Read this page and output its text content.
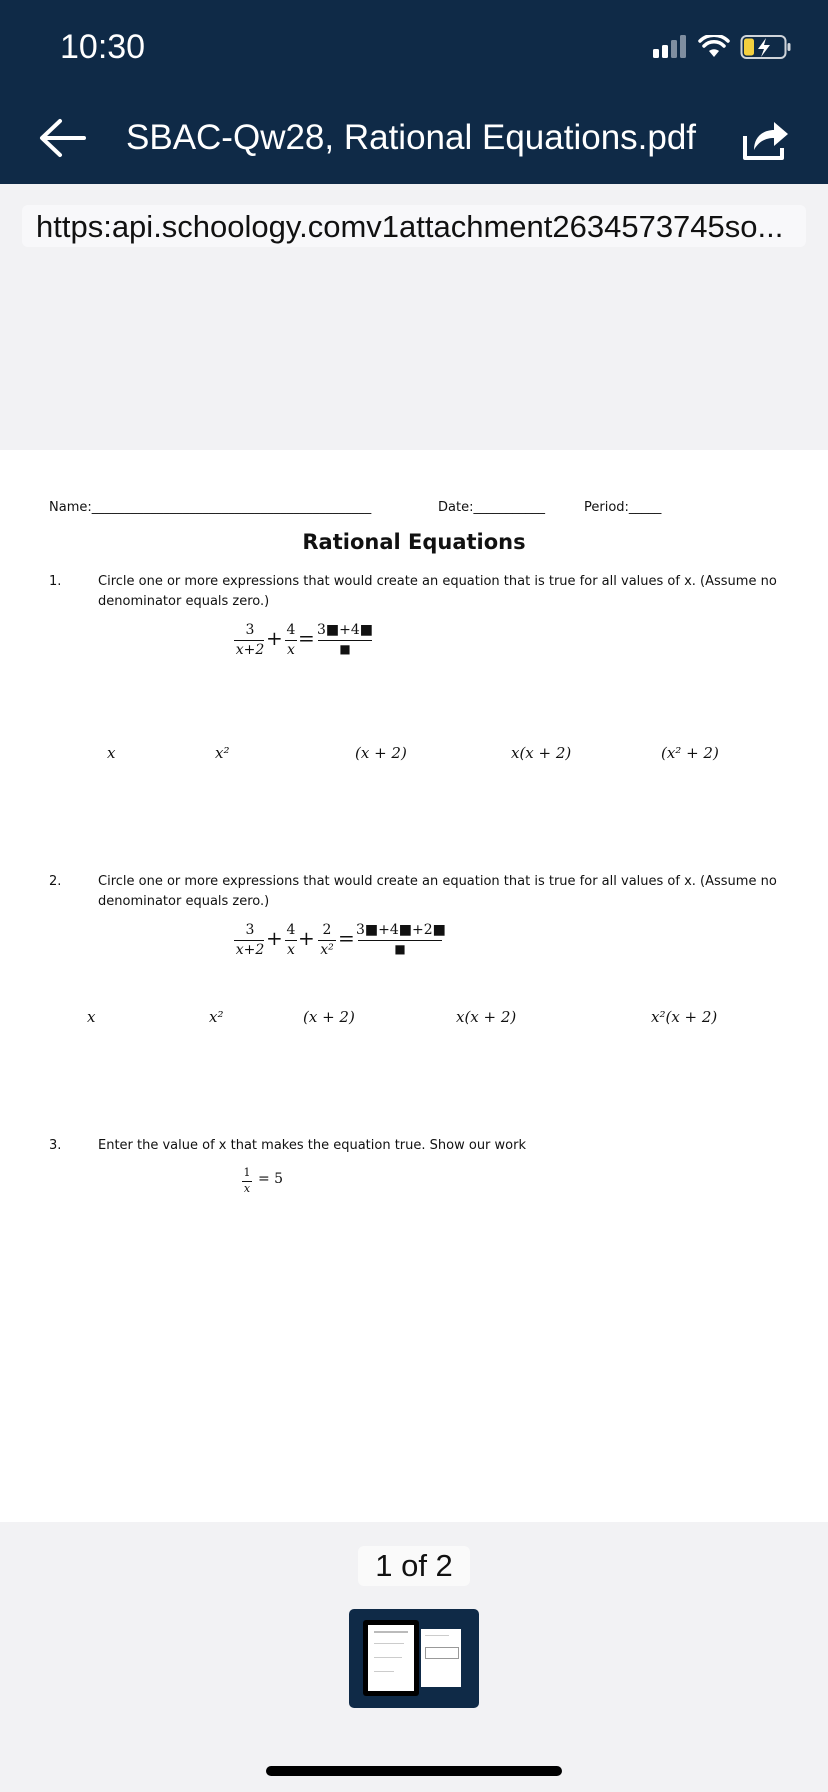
10:30
SBAC-Qw28, Rational Equations.pdf
https:api.schoology.comv1attachment2634573745so...
Name:___________________________________________	Date:___________	Period:_____
Rational Equations
1.	Circle one or more expressions that would create an equation that is true for all values of x. (Assume no
denominator equals zero.)
3
x+2 + 4
x = 3■+4■
■
x	x²	(x + 2)	x(x + 2)	(x² + 2)
2.	Circle one or more expressions that would create an equation that is true for all values of x. (Assume no
denominator equals zero.)
3
x+2 + 4
x + 2
x² = 3■+4■+2■
■
x	x²	(x + 2)	x(x + 2)	x²(x + 2)
3.	Enter the value of x that makes the equation true. Show our work
1
x
= 5
1 of 2
